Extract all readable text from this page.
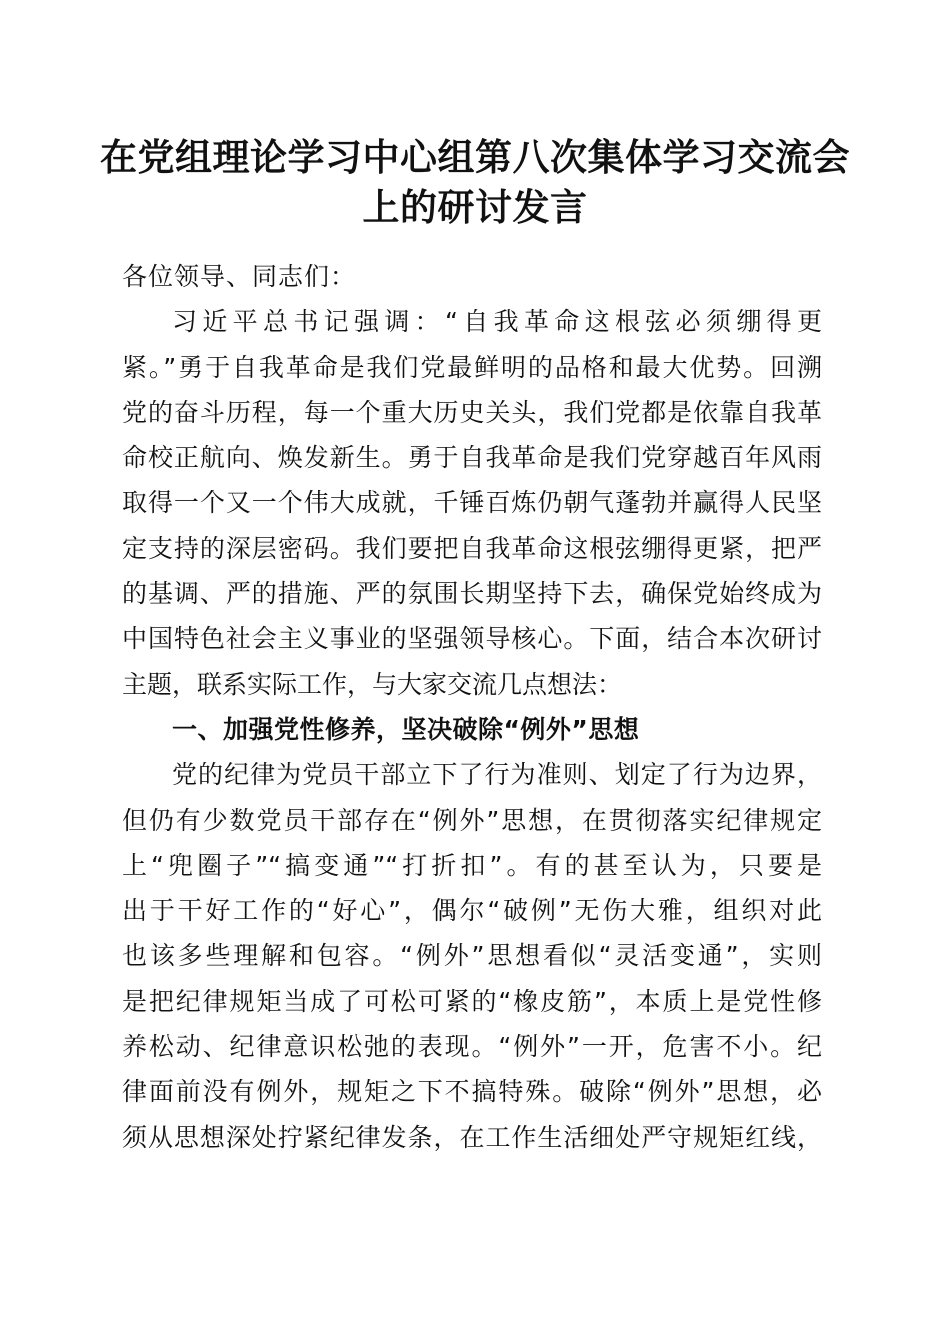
在党组理论学习中心组第八次集体学习交流会
上的研讨发言

各位领导、同志们：

习近平总书记强调：“自我革命这根弦必须绷得更
紧。”勇于自我革命是我们党最鲜明的品格和最大优势。回溯
党的奋斗历程，每一个重大历史关头，我们党都是依靠自我革
命校正航向、焕发新生。勇于自我革命是我们党穿越百年风雨
取得一个又一个伟大成就，千锤百炼仍朝气蓬勃并赢得人民坚
定支持的深层密码。我们要把自我革命这根弦绷得更紧，把严
的基调、严的措施、严的氛围长期坚持下去，确保党始终成为
中国特色社会主义事业的坚强领导核心。下面，结合本次研讨
主题，联系实际工作，与大家交流几点想法：

一、加强党性修养，坚决破除“例外”思想

党的纪律为党员干部立下了行为准则、划定了行为边界，
但仍有少数党员干部存在“例外”思想，在贯彻落实纪律规定
上“兜圈子”“搞变通”“打折扣”。有的甚至认为，只要是
出于干好工作的“好心”，偶尔“破例”无伤大雅，组织对此
也该多些理解和包容。“例外”思想看似“灵活变通”，实则
是把纪律规矩当成了可松可紧的“橡皮筋”，本质上是党性修
养松动、纪律意识松弛的表现。“例外”一开，危害不小。纪
律面前没有例外，规矩之下不搞特殊。破除“例外”思想，必
须从思想深处拧紧纪律发条，在工作生活细处严守规矩红线，
